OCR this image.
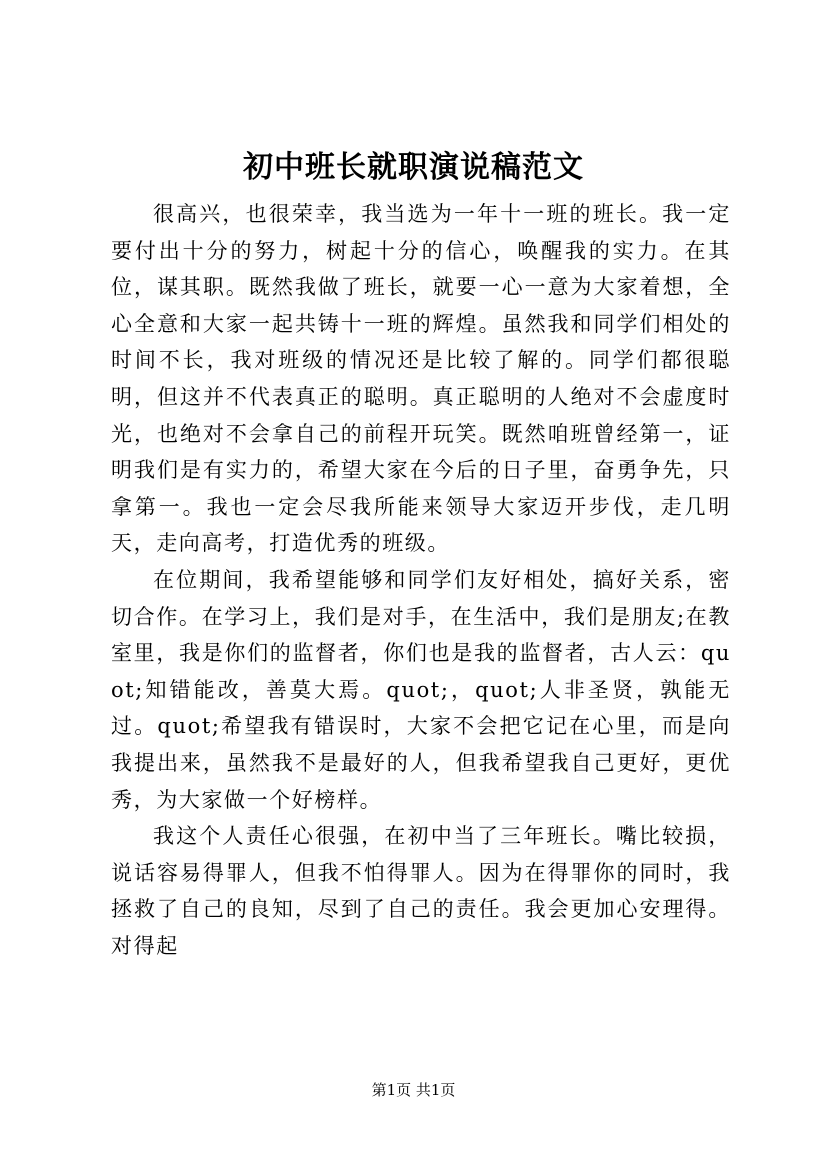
初中班长就职演说稿范文

很高兴，也很荣幸，我当选为一年十一班的班长。我一定要付出十分的努力，树起十分的信心，唤醒我的实力。在其位，谋其职。既然我做了班长，就要一心一意为大家着想，全心全意和大家一起共铸十一班的辉煌。虽然我和同学们相处的时间不长，我对班级的情况还是比较了解的。同学们都很聪明，但这并不代表真正的聪明。真正聪明的人绝对不会虚度时光，也绝对不会拿自己的前程开玩笑。既然咱班曾经第一，证明我们是有实力的，希望大家在今后的日子里，奋勇争先，只拿第一。我也一定会尽我所能来领导大家迈开步伐，走几明天，走向高考，打造优秀的班级。

在位期间，我希望能够和同学们友好相处，搞好关系，密切合作。在学习上，我们是对手，在生活中，我们是朋友;在教室里，我是你们的监督者，你们也是我的监督者，古人云：quot;知错能改，善莫大焉。quot;，quot;人非圣贤，孰能无过。quot;希望我有错误时，大家不会把它记在心里，而是向我提出来，虽然我不是最好的人，但我希望我自己更好，更优秀，为大家做一个好榜样。

我这个人责任心很强，在初中当了三年班长。嘴比较损，说话容易得罪人，但我不怕得罪人。因为在得罪你的同时，我拯救了自己的良知，尽到了自己的责任。我会更加心安理得。对得起

第1页 共1页
